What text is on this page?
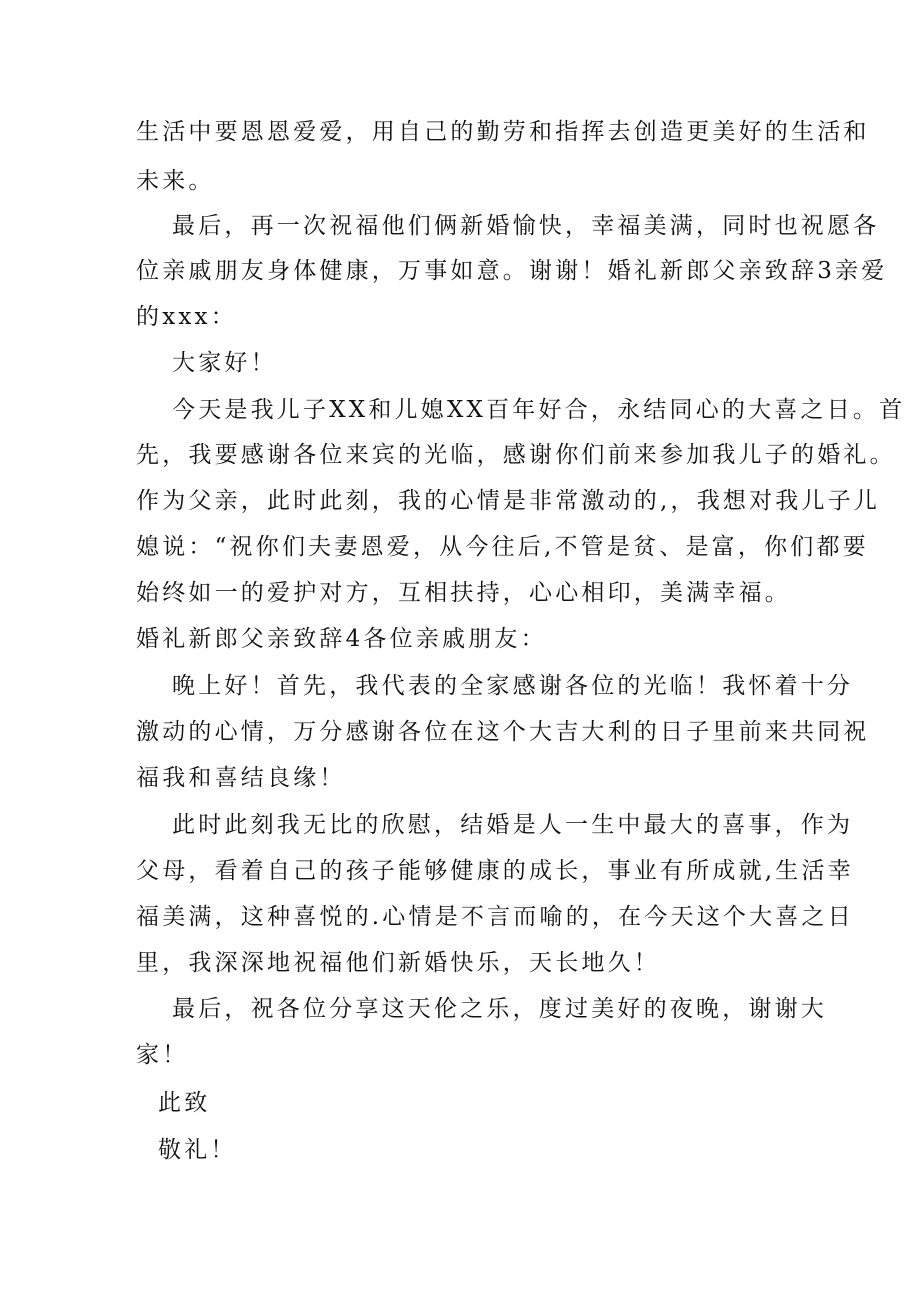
生活中要恩恩爱爱，用自己的勤劳和指挥去创造更美好的生活和
未来。
最后，再一次祝福他们俩新婚愉快，幸福美满，同时也祝愿各
位亲戚朋友身体健康，万事如意。谢谢！婚礼新郎父亲致辞3亲爱
的xxx：
大家好！
今天是我儿子XX和儿媳XX百年好合，永结同心的大喜之日。首
先，我要感谢各位来宾的光临，感谢你们前来参加我儿子的婚礼。
作为父亲，此时此刻，我的心情是非常激动的,，我想对我儿子儿
媳说：“祝你们夫妻恩爱，从今往后,不管是贫、是富，你们都要
始终如一的爱护对方，互相扶持，心心相印，美满幸福。
婚礼新郎父亲致辞4各位亲戚朋友：
晚上好！首先，我代表的全家感谢各位的光临！我怀着十分
激动的心情，万分感谢各位在这个大吉大利的日子里前来共同祝
福我和喜结良缘！
此时此刻我无比的欣慰，结婚是人一生中最大的喜事，作为
父母，看着自己的孩子能够健康的成长，事业有所成就,生活幸
福美满，这种喜悦的.心情是不言而喻的，在今天这个大喜之日
里，我深深地祝福他们新婚快乐，天长地久！
最后，祝各位分享这天伦之乐，度过美好的夜晚，谢谢大
家！
此致
敬礼！
